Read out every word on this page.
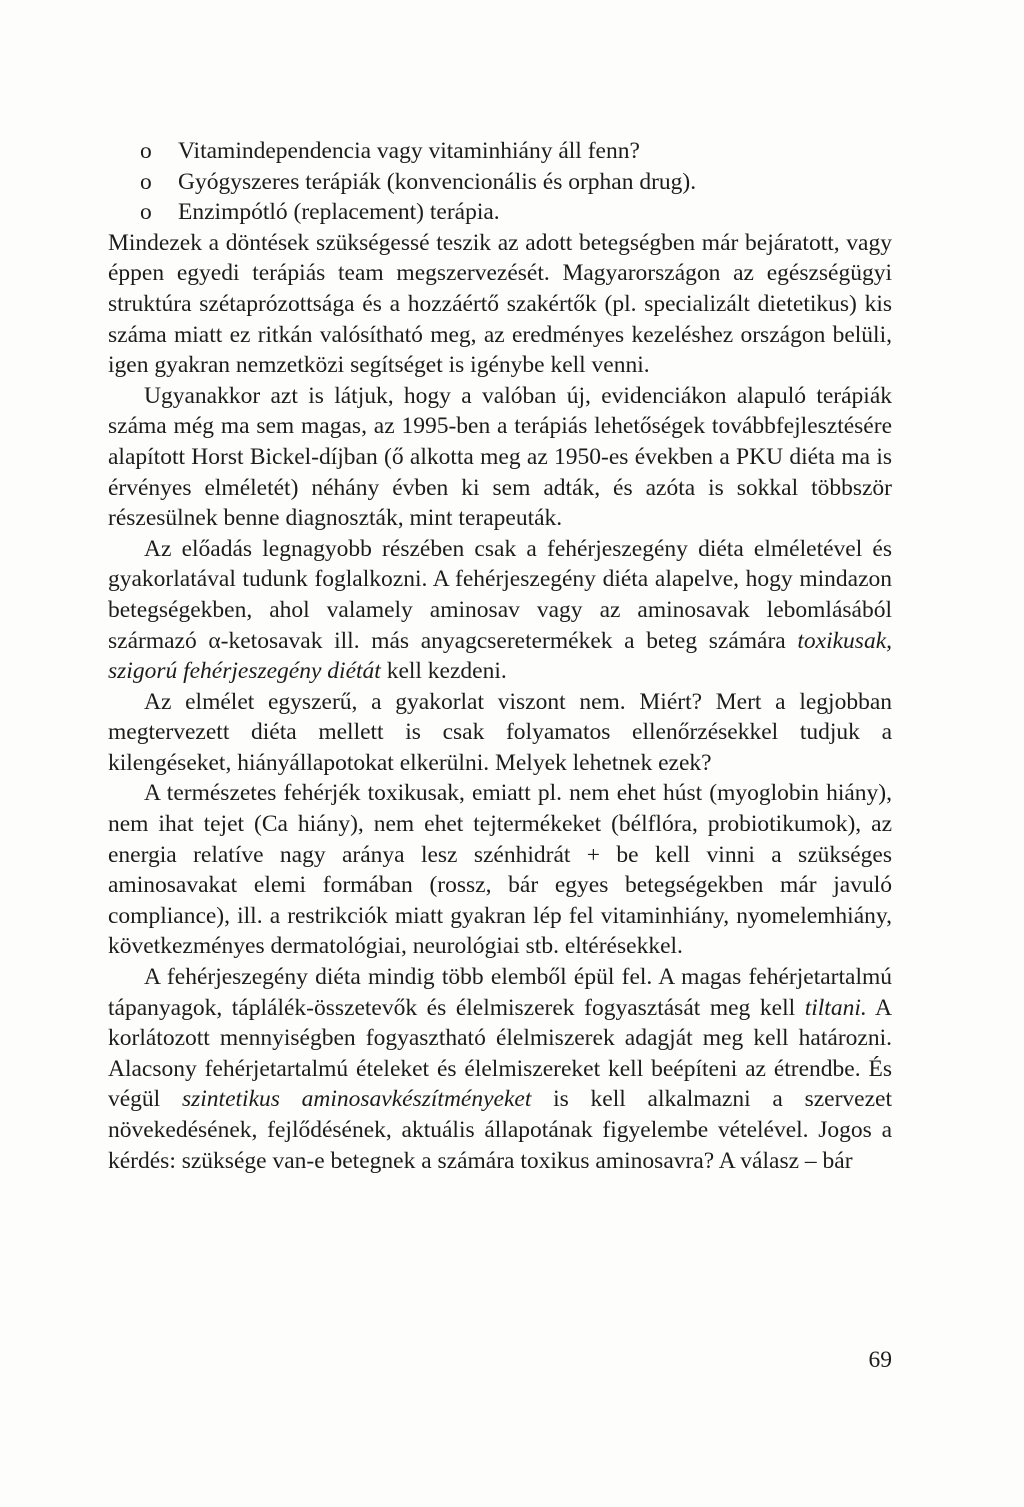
o Vitamindependencia vagy vitaminhiány áll fenn?
o Gyógyszeres terápiák (konvencionális és orphan drug).
o Enzimpótló (replacement) terápia.

Mindezek a döntések szükségessé teszik az adott betegségben már bejáratott, vagy éppen egyedi terápiás team megszervezését. Magyarországon az egészségügyi struktúra szétaprózottsága és a hozzáértő szakértők (pl. specializált dietetikus) kis száma miatt ez ritkán valósítható meg, az eredményes kezeléshez országon belüli, igen gyakran nemzetközi segítséget is igénybe kell venni.

Ugyanakkor azt is látjuk, hogy a valóban új, evidenciákon alapuló terápiák száma még ma sem magas, az 1995-ben a terápiás lehetőségek továbbfejlesztésére alapított Horst Bickel-díjban (ő alkotta meg az 1950-es években a PKU diéta ma is érvényes elméletét) néhány évben ki sem adták, és azóta is sokkal többször részesülnek benne diagnoszták, mint terapeuták.

Az előadás legnagyobb részében csak a fehérjeszegény diéta elméletével és gyakorlatával tudunk foglalkozni. A fehérjeszegény diéta alapelve, hogy mindazon betegségekben, ahol valamely aminosav vagy az aminosavak lebomlásából származó α-ketosavak ill. más anyagcseretermékek a beteg számára toxikusak, szigorú fehérjeszegény diétát kell kezdeni.

Az elmélet egyszerű, a gyakorlat viszont nem. Miért? Mert a legjobban megtervezett diéta mellett is csak folyamatos ellenőrzésekkel tudjuk a kilengéseket, hiányállapotokat elkerülni. Melyek lehetnek ezek?

A természetes fehérjék toxikusak, emiatt pl. nem ehet húst (myoglobin hiány), nem ihat tejet (Ca hiány), nem ehet tejtermékeket (bélflóra, probiotikumok), az energia relatíve nagy aránya lesz szénhidrát + be kell vinni a szükséges aminosavakat elemi formában (rossz, bár egyes betegségekben már javuló compliance), ill. a restrikciók miatt gyakran lép fel vitaminhiány, nyomelemhiány, következményes dermatológiai, neurológiai stb. eltérésekkel.

A fehérjeszegény diéta mindig több elemből épül fel. A magas fehérjetartalmú tápanyagok, táplálék-összetevők és élelmiszerek fogyasztását meg kell tiltani. A korlátozott mennyiségben fogyasztható élelmiszerek adagját meg kell határozni. Alacsony fehérjetartalmú ételeket és élelmiszereket kell beépíteni az étrendbe. És végül szintetikus aminosavkészítményeket is kell alkalmazni a szervezet növekedésének, fejlődésének, aktuális állapotának figyelembe vételével. Jogos a kérdés: szüksége van-e betegnek a számára toxikus aminosavra? A válasz – bár

69
